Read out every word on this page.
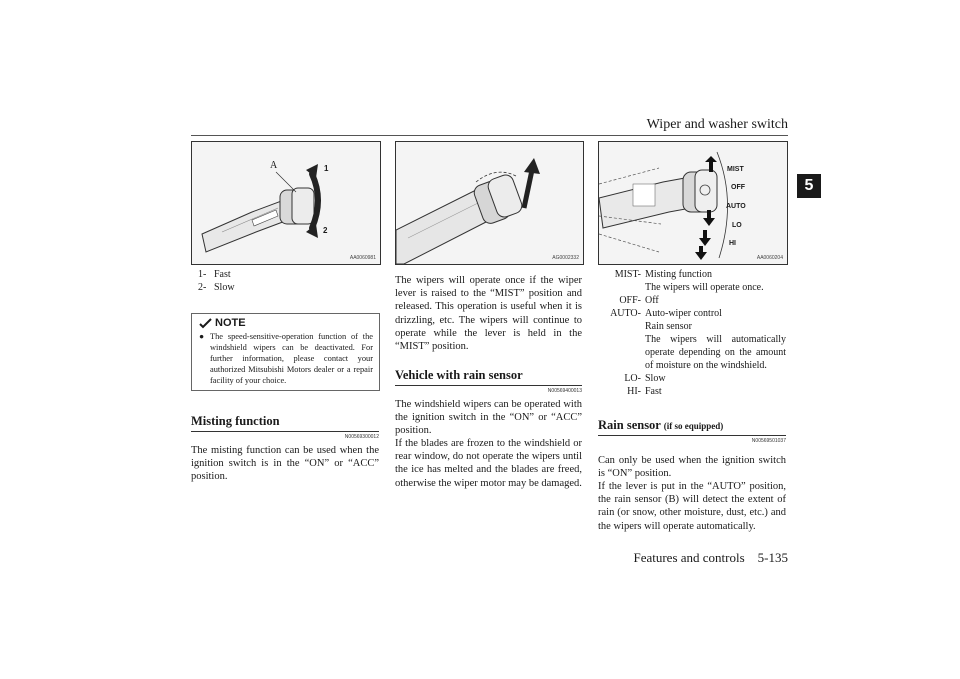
Wiper and washer switch
5
A	1
2
AA0060981
1- Fast
2- Slow
NOTE
● The speed-sensitive-operation function of the windshield wipers can be deactivated. For further information, please contact your authorized Mitsubishi Motors dealer or a repair facility of your choice.
Misting function
N00569300012
The misting function can be used when the ignition switch is in the “ON” or “ACC” position.
AG0002332
The wipers will operate once if the wiper lever is raised to the “MIST” position and released. This operation is useful when it is drizzling, etc. The wipers will continue to operate while the lever is held in the “MIST” position.
Vehicle with rain sensor
N00569400013
The windshield wipers can be operated with the ignition switch in the “ON” or “ACC” position.
If the blades are frozen to the windshield or rear window, do not operate the wipers until the ice has melted and the blades are freed, otherwise the wiper motor may be damaged.
MIST
OFF
AUTO
LO
HI
AA0060204
MIST- Misting function
The wipers will operate once.
OFF- Off
AUTO- Auto-wiper control
Rain sensor
The wipers will automatically operate depending on the amount of moisture on the windshield.
LO- Slow
HI- Fast
Rain sensor (if so equipped)
N00569501037
Can only be used when the ignition switch is “ON” position.
If the lever is put in the “AUTO” position, the rain sensor (B) will detect the extent of rain (or snow, other moisture, dust, etc.) and the wipers will operate automatically.
Features and controls    5-135
